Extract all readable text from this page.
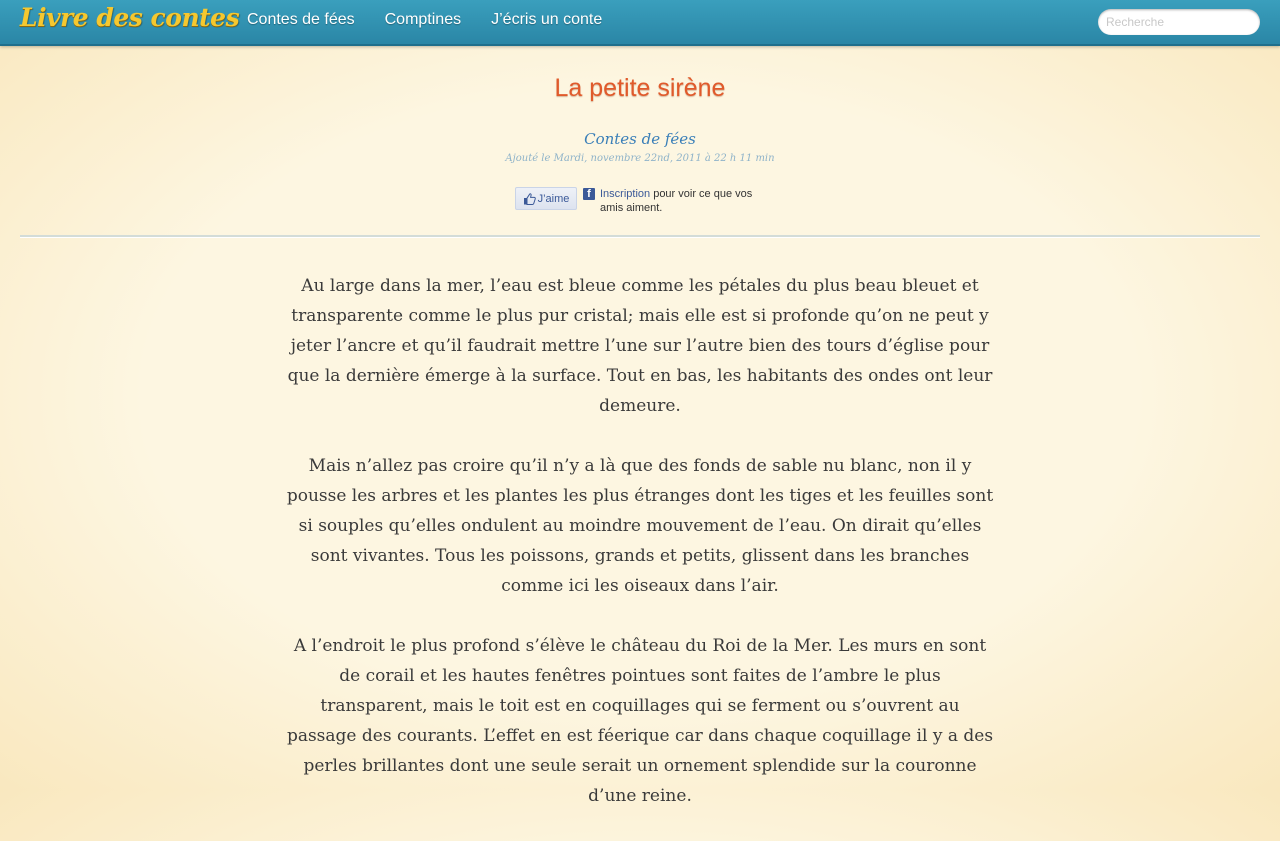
Livre des contes Contes de fées Comptines J’écris un conte
Recherche
La petite sirène
Contes de fées
Ajouté le Mardi, novembre 22nd, 2011 à 22 h 11 min
J’aime	f Inscription pour voir ce que vos amis aiment.

Au large dans la mer, l’eau est bleue comme les pétales du plus beau bleuet et transparente comme le plus pur cristal; mais elle est si profonde qu’on ne peut y jeter l’ancre et qu’il faudrait mettre l’une sur l’autre bien des tours d’église pour que la dernière émerge à la surface. Tout en bas, les habitants des ondes ont leur demeure.

Mais n’allez pas croire qu’il n’y a là que des fonds de sable nu blanc, non il y pousse les arbres et les plantes les plus étranges dont les tiges et les feuilles sont si souples qu’elles ondulent au moindre mouvement de l’eau. On dirait qu’elles sont vivantes. Tous les poissons, grands et petits, glissent dans les branches comme ici les oiseaux dans l’air.

A l’endroit le plus profond s’élève le château du Roi de la Mer. Les murs en sont de corail et les hautes fenêtres pointues sont faites de l’ambre le plus transparent, mais le toit est en coquillages qui se ferment ou s’ouvrent au passage des courants. L’effet en est féerique car dans chaque coquillage il y a des perles brillantes dont une seule serait un ornement splendide sur la couronne d’une reine.
